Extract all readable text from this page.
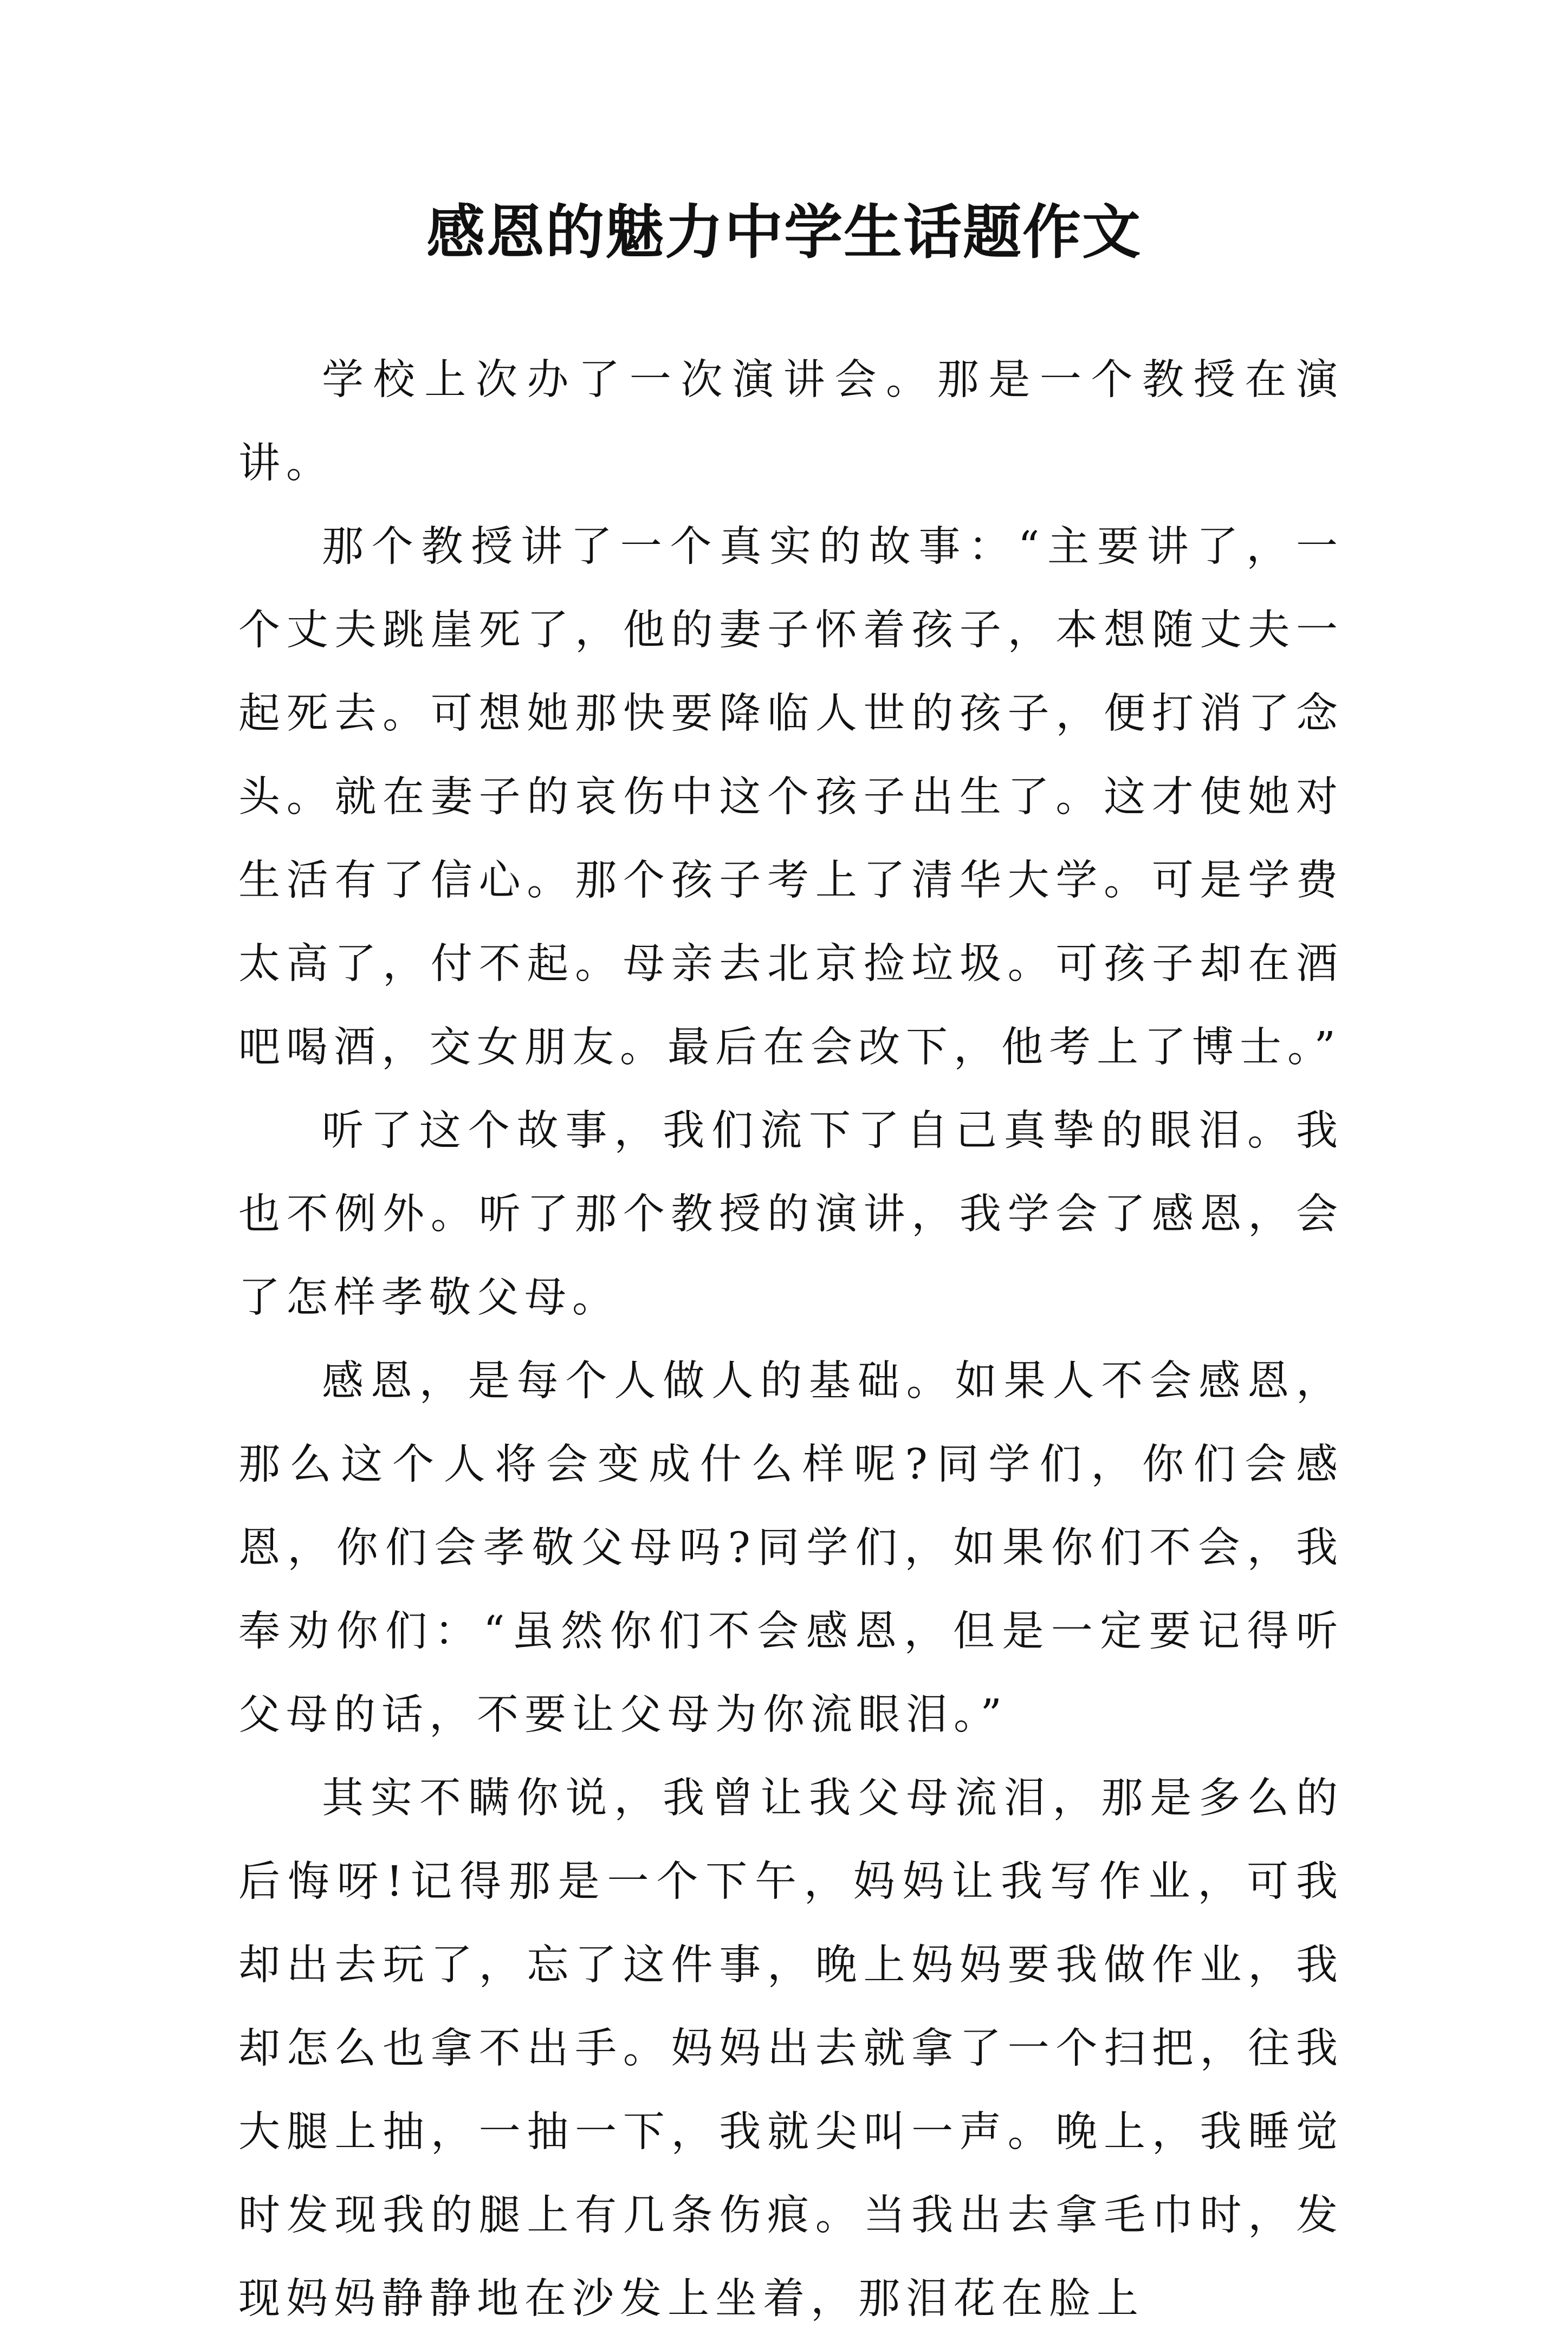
感恩的魅力中学生话题作文

学校上次办了一次演讲会。那是一个教授在演讲。

那个教授讲了一个真实的故事：“主要讲了，一个丈夫跳崖死了，他的妻子怀着孩子，本想随丈夫一起死去。可想她那快要降临人世的孩子，便打消了念头。就在妻子的哀伤中这个孩子出生了。这才使她对生活有了信心。那个孩子考上了清华大学。可是学费太高了，付不起。母亲去北京捡垃圾。可孩子却在酒吧喝酒，交女朋友。最后在会改下，他考上了博士。”

听了这个故事，我们流下了自己真挚的眼泪。我也不例外。听了那个教授的演讲，我学会了感恩，会了怎样孝敬父母。

感恩，是每个人做人的基础。如果人不会感恩，那么这个人将会变成什么样呢?同学们，你们会感恩，你们会孝敬父母吗?同学们，如果你们不会，我奉劝你们：“虽然你们不会感恩，但是一定要记得听父母的话，不要让父母为你流眼泪。”

其实不瞒你说，我曾让我父母流泪，那是多么的后悔呀!记得那是一个下午，妈妈让我写作业，可我却出去玩了，忘了这件事，晚上妈妈要我做作业，我却怎么也拿不出手。妈妈出去就拿了一个扫把，往我大腿上抽，一抽一下，我就尖叫一声。晚上，我睡觉时发现我的腿上有几条伤痕。当我出去拿毛巾时，发现妈妈静静地在沙发上坐着，那泪花在脸上
